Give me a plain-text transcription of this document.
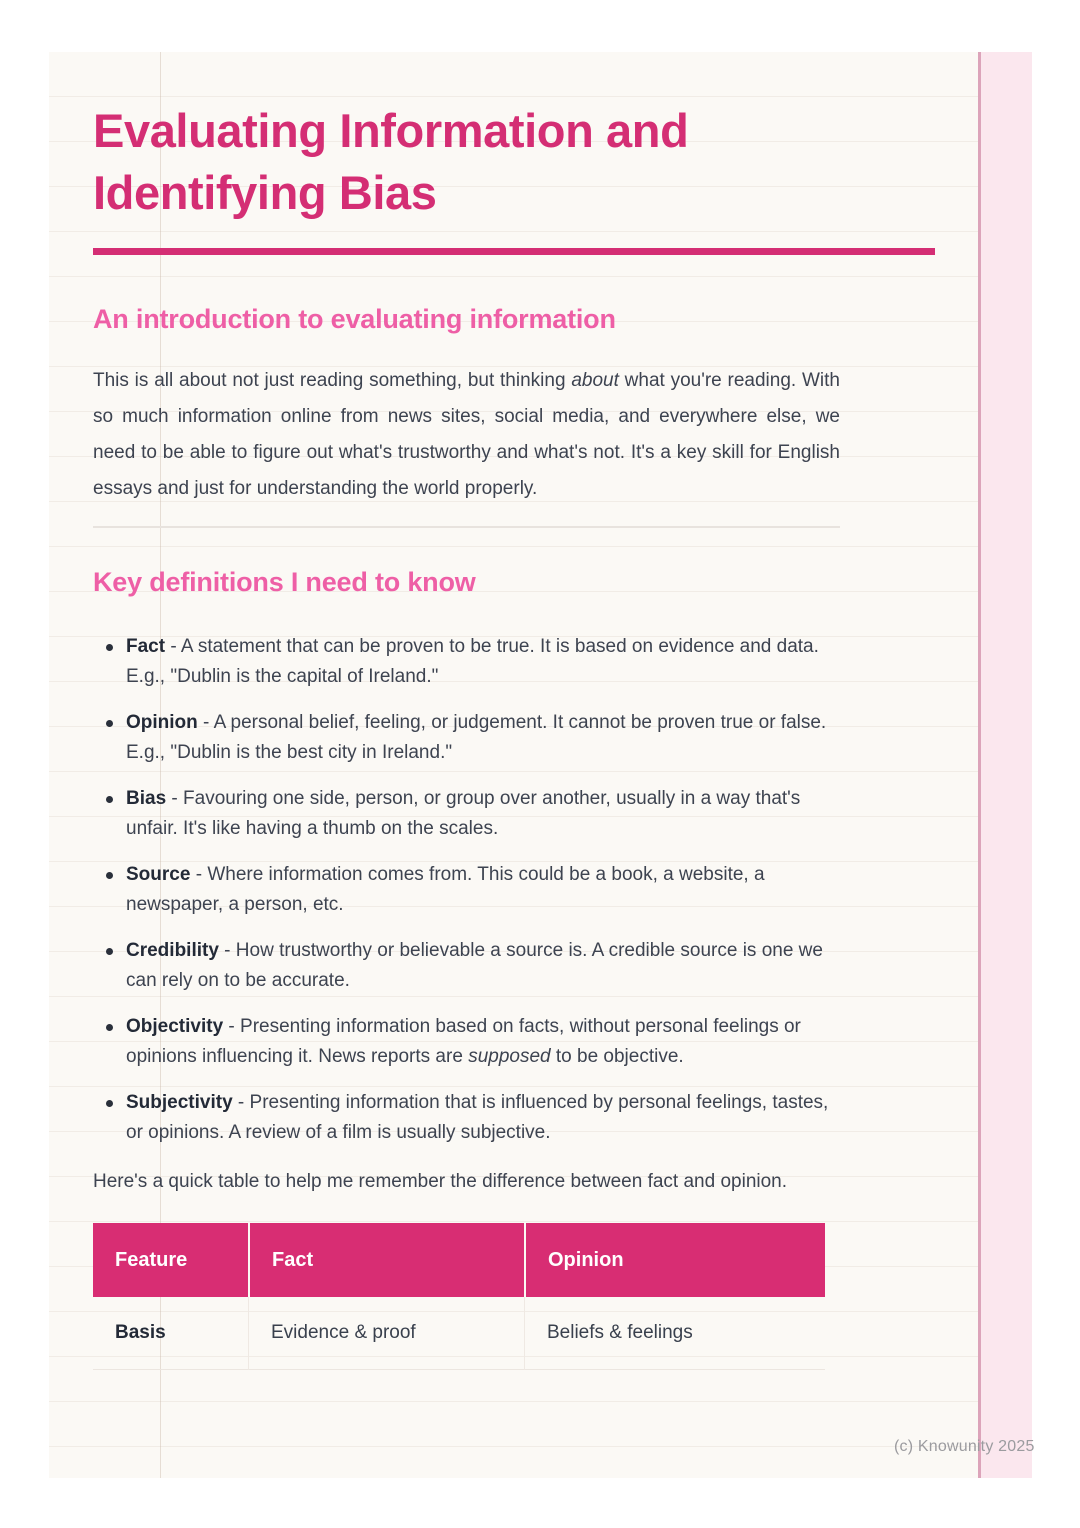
Evaluating Information and Identifying Bias
An introduction to evaluating information

This is all about not just reading something, but thinking about what you're reading. With so much information online from news sites, social media, and everywhere else, we need to be able to figure out what's trustworthy and what's not. It's a key skill for English essays and just for understanding the world properly.

Key definitions I need to know
Fact - A statement that can be proven to be true. It is based on evidence and data. E.g., "Dublin is the capital of Ireland."
Opinion - A personal belief, feeling, or judgement. It cannot be proven true or false. E.g., "Dublin is the best city in Ireland."
Bias - Favouring one side, person, or group over another, usually in a way that's unfair. It's like having a thumb on the scales.
Source - Where information comes from. This could be a book, a website, a newspaper, a person, etc.
Credibility - How trustworthy or believable a source is. A credible source is one we can rely on to be accurate.
Objectivity - Presenting information based on facts, without personal feelings or opinions influencing it. News reports are supposed to be objective.
Subjectivity - Presenting information that is influenced by personal feelings, tastes, or opinions. A review of a film is usually subjective.

Here's a quick table to help me remember the difference between fact and opinion.

Feature	Fact	Opinion
Basis	Evidence & proof	Beliefs & feelings
(c) Knowunity 2025
